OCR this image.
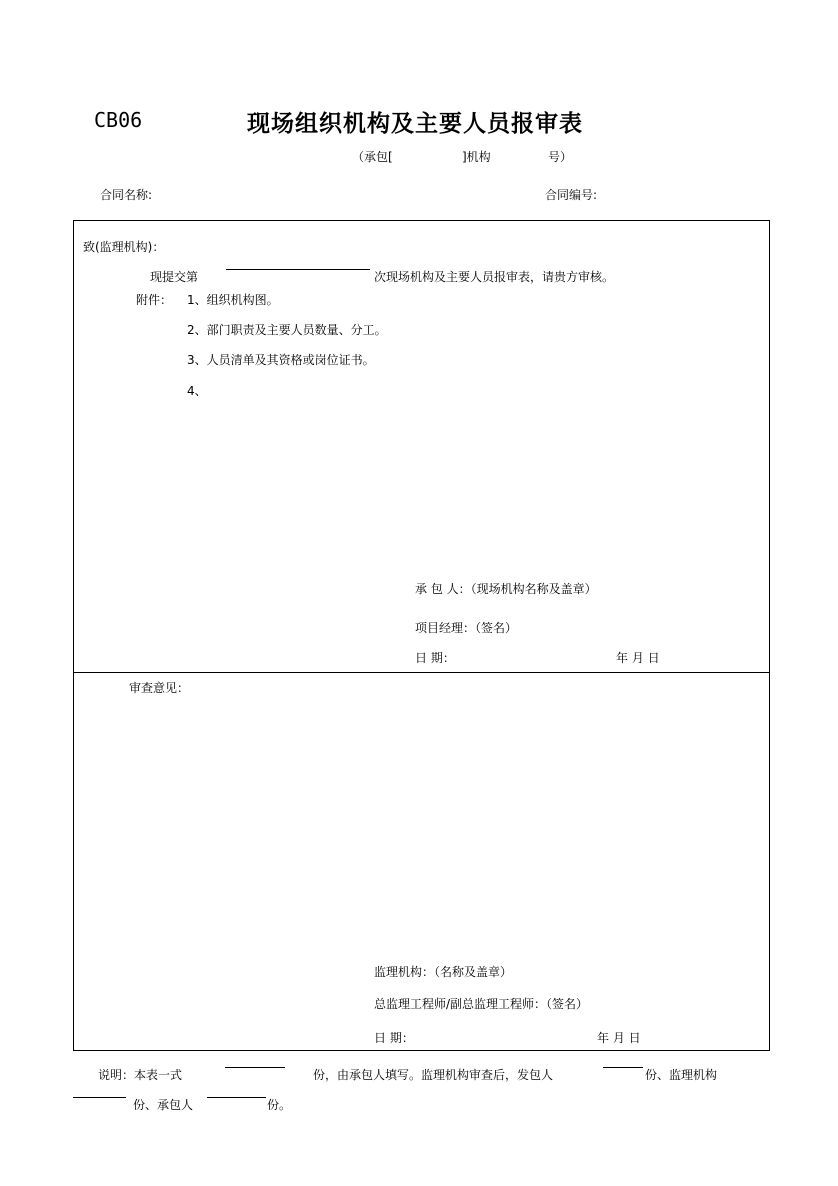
CB06	现场组织机构及主要人员报审表
（承包[	]机构	号）
合同名称:	合同编号:
致(监理机构)：
现提交第	次现场机构及主要人员报审表，请贵方审核。
附件： 1、组织机构图。
2、部门职责及主要人员数量、分工。
3、人员清单及其资格或岗位证书。
4、
承 包 人：（现场机构名称及盖章）
项目经理：（签名）
日 期：	年 月 日
审查意见：
监理机构：（名称及盖章）
总监理工程师/副总监理工程师：（签名）
日 期：	年 月 日
说明：本表一式	份，由承包人填写。监理机构审查后，发包人	份、监理机构
份、承包人	份。
